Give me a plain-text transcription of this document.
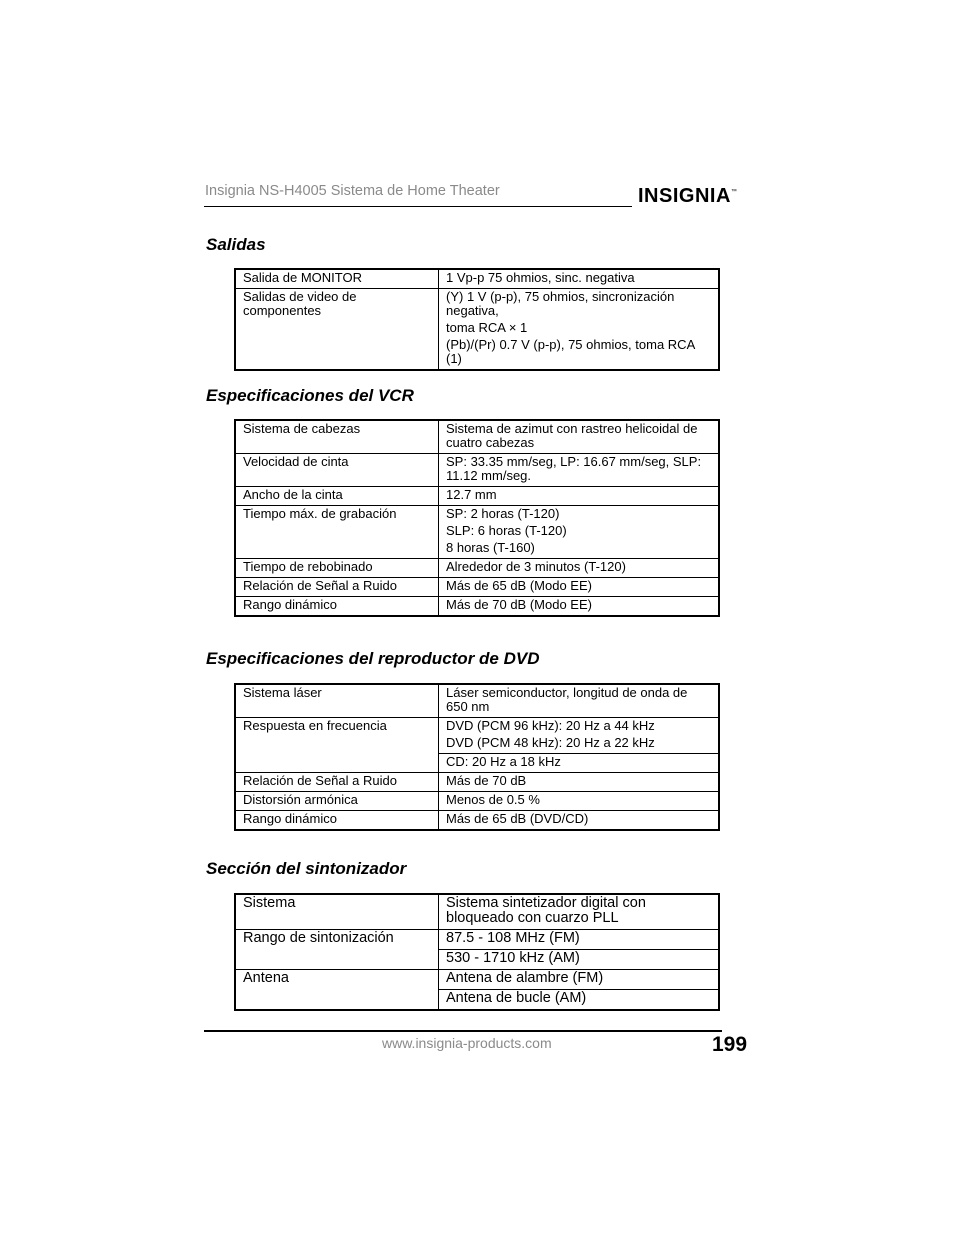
Insignia NS-H4005 Sistema de Home Theater	INSIGNIA™
Salidas
Especificaciones del VCR
Especificaciones del reproductor de DVD
Sección del sintonizador

Salida de MONITOR	1 Vp-p 75 ohmios, sinc. negativa

Salidas de video de componentes	(Y) 1 V (p-p), 75 ohmios, sincronización negativa,

toma RCA × 1

(Pb)/(Pr) 0.7 V (p-p), 75 ohmios, toma RCA (1)

Sistema de cabezas	Sistema de azimut con rastreo helicoidal de cuatro cabezas

Velocidad de cinta	SP: 33.35 mm/seg, LP: 16.67 mm/seg, SLP: 11.12 mm/seg.

Ancho de la cinta	12.7 mm

Tiempo máx. de grabación	SP: 2 horas (T-120)

SLP: 6 horas (T-120)

8 horas (T-160)

Tiempo de rebobinado	Alrededor de 3 minutos (T-120)

Relación de Señal a Ruido	Más de 65 dB (Modo EE)

Rango dinámico	Más de 70 dB (Modo EE)

Sistema láser	Láser semiconductor, longitud de onda de 650 nm

Respuesta en frecuencia	DVD (PCM 96 kHz): 20 Hz a 44 kHz

DVD (PCM 48 kHz): 20 Hz a 22 kHz

	CD: 20 Hz a 18 kHz

Relación de Señal a Ruido	Más de 70 dB

Distorsión armónica	Menos de 0.5 %

Rango dinámico	Más de 65 dB (DVD/CD)

Sistema	Sistema sintetizador digital con bloqueado con cuarzo PLL

Rango de sintonización	87.5 - 108 MHz (FM)

	530 - 1710 kHz (AM)

Antena	Antena de alambre (FM)

	Antena de bucle (AM)

www.insignia-products.com	199
